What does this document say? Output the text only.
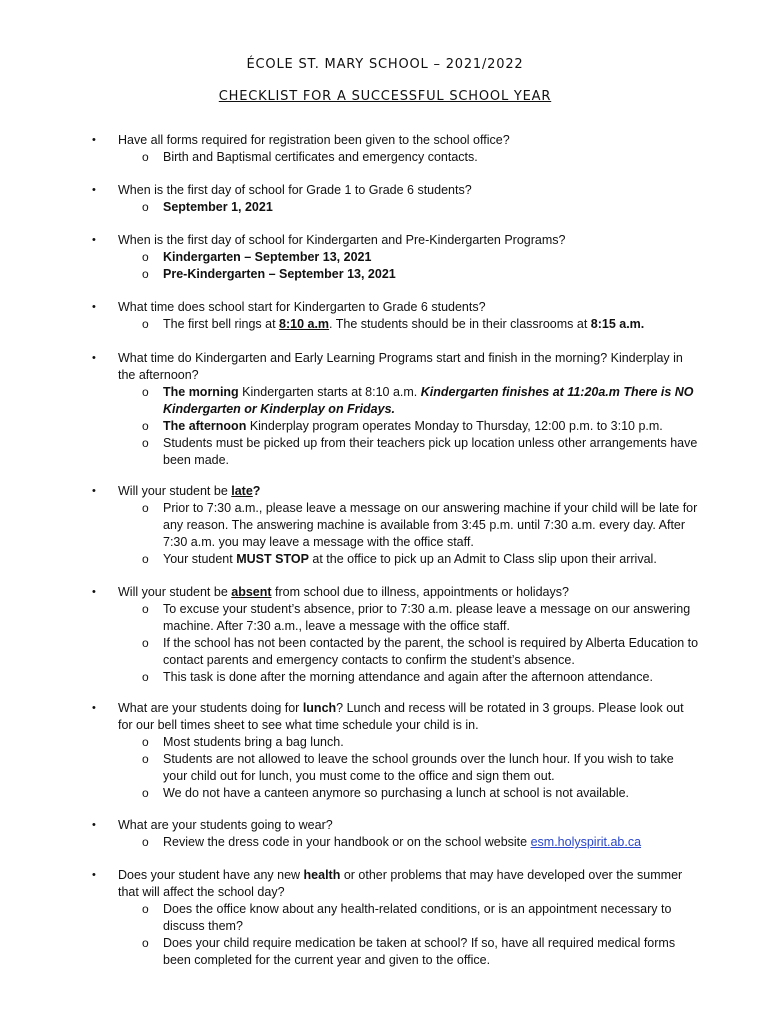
ÉCOLE ST. MARY SCHOOL – 2021/2022
CHECKLIST FOR A SUCCESSFUL SCHOOL YEAR
• Have all forms required for registration been given to the school office?
o Birth and Baptismal certificates and emergency contacts.
• When is the first day of school for Grade 1 to Grade 6 students?
o September 1, 2021
• When is the first day of school for Kindergarten and Pre-Kindergarten Programs?
o Kindergarten – September 13, 2021
o Pre-Kindergarten – September 13, 2021
• What time does school start for Kindergarten to Grade 6 students?
o The first bell rings at 8:10 a.m. The students should be in their classrooms at 8:15 a.m.
• What time do Kindergarten and Early Learning Programs start and finish in the morning? Kinderplay in the afternoon?
o The morning Kindergarten starts at 8:10 a.m. Kindergarten finishes at 11:20a.m There is NO Kindergarten or Kinderplay on Fridays.
o The afternoon Kinderplay program operates Monday to Thursday, 12:00 p.m. to 3:10 p.m.
o Students must be picked up from their teachers pick up location unless other arrangements have been made.
• Will your student be late?
o Prior to 7:30 a.m., please leave a message on our answering machine if your child will be late for any reason. The answering machine is available from 3:45 p.m. until 7:30 a.m. every day. After 7:30 a.m. you may leave a message with the office staff.
o Your student MUST STOP at the office to pick up an Admit to Class slip upon their arrival.
• Will your student be absent from school due to illness, appointments or holidays?
o To excuse your student’s absence, prior to 7:30 a.m. please leave a message on our answering machine. After 7:30 a.m., leave a message with the office staff.
o If the school has not been contacted by the parent, the school is required by Alberta Education to contact parents and emergency contacts to confirm the student’s absence.
o This task is done after the morning attendance and again after the afternoon attendance.
• What are your students doing for lunch? Lunch and recess will be rotated in 3 groups. Please look out for our bell times sheet to see what time schedule your child is in.
o Most students bring a bag lunch.
o Students are not allowed to leave the school grounds over the lunch hour. If you wish to take your child out for lunch, you must come to the office and sign them out.
o We do not have a canteen anymore so purchasing a lunch at school is not available.
• What are your students going to wear?
o Review the dress code in your handbook or on the school website esm.holyspirit.ab.ca
• Does your student have any new health or other problems that may have developed over the summer that will affect the school day?
o Does the office know about any health-related conditions, or is an appointment necessary to discuss them?
o Does your child require medication be taken at school? If so, have all required medical forms been completed for the current year and given to the office.
